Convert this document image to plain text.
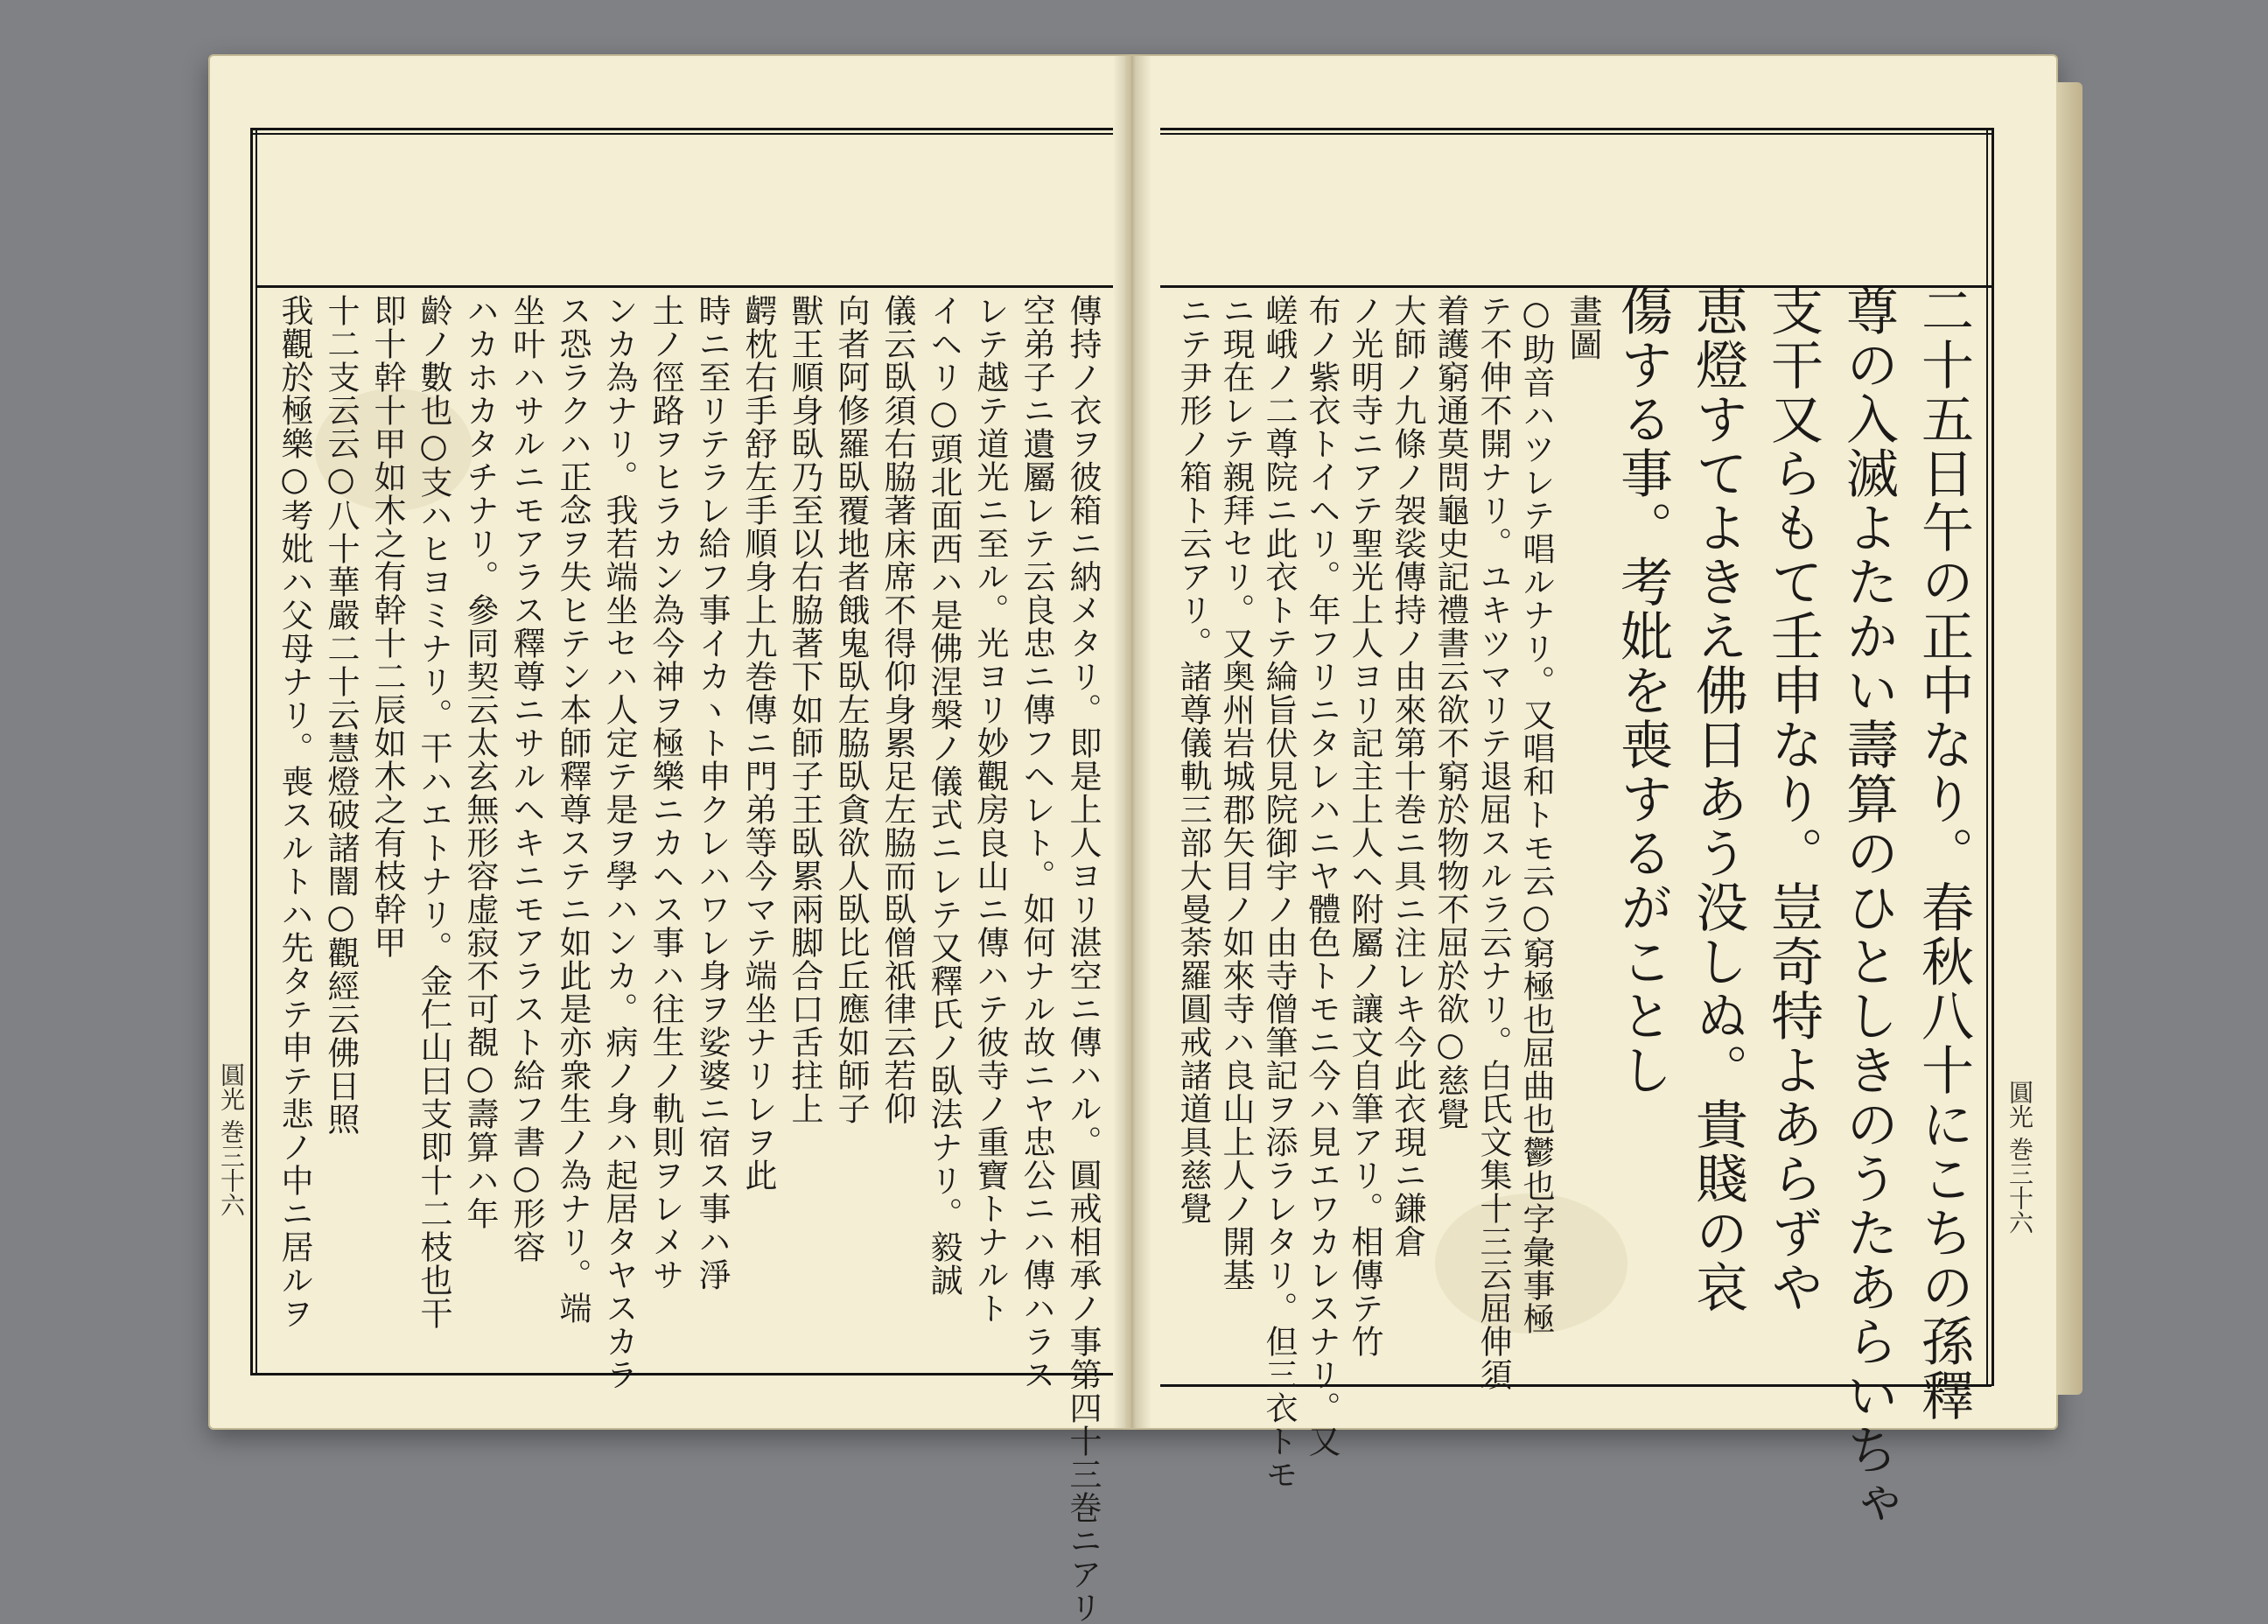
二十五日午の正中なり。春秋八十にこちの孫釋
尊の入滅よたかい壽算のひとしきのうたあらいちゃ
支干又らもて壬申なり。豈奇特よあらずや
恵燈すてよきえ佛日あう没しぬ。貴賤の哀
傷する事。考妣を喪するがことし
畫圖
○助音ハツレテ唱ルナリ。又唱和トモ云○窮極也屈曲也鬱也字彙事極
テ不伸不開ナリ。ユキツマリテ退屈スルラ云ナリ。白氏文集十三云屈伸須
着護窮通莫問龜史記禮書云欲不窮於物物不屈於欲○慈覺
大師ノ九條ノ袈裟傳持ノ由來第十巻ニ具ニ注レキ今此衣現ニ鎌倉
ノ光明寺ニアテ聖光上人ヨリ記主上人ヘ附屬ノ讓文自筆アリ。相傳テ竹
布ノ紫衣トイヘリ。年フリニタレハニヤ體色トモニ今ハ見エワカレスナリ。又
嵯峨ノ二尊院ニ此衣トテ綸旨伏見院御宇ノ由寺僧筆記ヲ添ラレタリ。但三衣トモ
ニ現在レテ親拜セリ。又奥州岩城郡矢目ノ如來寺ハ良山上人ノ開基
ニテ尹形ノ箱ト云アリ。諸尊儀軌三部大曼荼羅圓戒諸道具慈覺
傳持ノ衣ヲ彼箱ニ納メタリ。即是上人ヨリ湛空ニ傳ハル。圓戒相承ノ事第四十三巻ニアリ
空弟子ニ遺屬レテ云良忠ニ傳フヘレト。如何ナル故ニヤ忠公ニハ傳ハラス
レテ越テ道光ニ至ル。光ヨリ妙觀房良山ニ傳ハテ彼寺ノ重寶トナルト
イヘリ○頭北面西ハ是佛涅槃ノ儀式ニレテ又釋氏ノ臥法ナリ。毅誠
儀云臥須右脇著床席不得仰身累足左脇而臥僧祇律云若仰
向者阿修羅臥覆地者餓鬼臥左脇臥貪欲人臥比丘應如師子
獸王順身臥乃至以右脇著下如師子王臥累兩脚合口舌拄上
齶枕右手舒左手順身上九巻傳ニ門弟等今マテ端坐ナリレヲ此
時ニ至リテラレ給フ事イカヽト申クレハワレ身ヲ娑婆ニ宿ス事ハ淨
土ノ徑路ヲヒラカン為今神ヲ極樂ニカヘス事ハ往生ノ軌則ヲレメサ
ンカ為ナリ。我若端坐セハ人定テ是ヲ學ハンカ。病ノ身ハ起居タヤスカラ
ス恐ラクハ正念ヲ失ヒテン本師釋尊ステニ如此是亦衆生ノ為ナリ。端
坐叶ハサルニモアラス釋尊ニサルヘキニモアラスト給フ書○形容
ハカホカタチナリ。參同契云太玄無形容虚寂不可覩○壽算ハ年
齡ノ數也○支ハヒヨミナリ。干ハエトナリ。金仁山曰支即十二枝也干
即十幹十甲如木之有幹十二辰如木之有枝幹甲
十二支云云○八十華嚴二十云慧燈破諸闇○觀經云佛日照
我觀於極樂○考妣ハ父母ナリ。喪スルトハ先タテ申テ悲ノ中ニ居ルヲ
圓光 巻三十六	圓光 巻三十六
